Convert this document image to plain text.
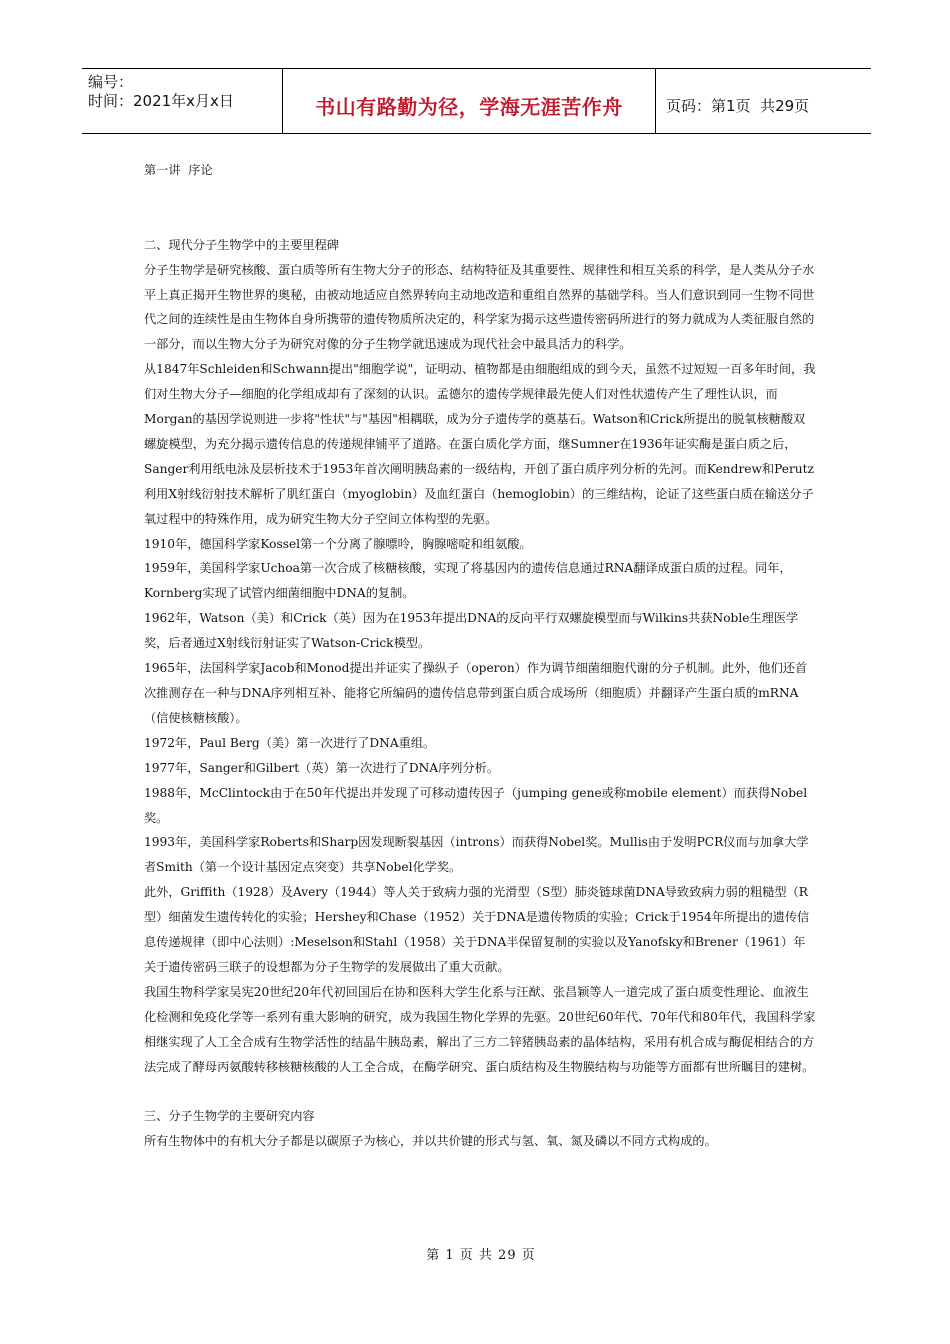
编号：
时间：2021年x月x日	书山有路勤为径，学海无涯苦作舟	页码：第1页  共29页

第一讲  序论

二、现代分子生物学中的主要里程碑

分子生物学是研究核酸、蛋白质等所有生物大分子的形态、结构特征及其重要性、规律性和相互关系的科学，是人类从分子水平上真正揭开生物世界的奥秘，由被动地适应自然界转向主动地改造和重组自然界的基础学科。当人们意识到同一生物不同世代之间的连续性是由生物体自身所携带的遗传物质所决定的，科学家为揭示这些遗传密码所进行的努力就成为人类征服自然的一部分，而以生物大分子为研究对像的分子生物学就迅速成为现代社会中最具活力的科学。

从1847年Schleiden和Schwann提出"细胞学说"，证明动、植物都是由细胞组成的到今天，虽然不过短短一百多年时间，我们对生物大分子—细胞的化学组成却有了深刻的认识。孟德尔的遗传学规律最先使人们对性状遗传产生了理性认识，而Morgan的基因学说则进一步将"性状"与"基因"相耦联，成为分子遗传学的奠基石。Watson和Crick所提出的脱氧核糖酸双螺旋模型，为充分揭示遗传信息的传递规律铺平了道路。在蛋白质化学方面，继Sumner在1936年证实酶是蛋白质之后，Sanger利用纸电泳及层析技术于1953年首次阐明胰岛素的一级结构，开创了蛋白质序列分析的先河。而Kendrew和Perutz利用X射线衍射技术解析了肌红蛋白（myoglobin）及血红蛋白（hemoglobin）的三维结构，论证了这些蛋白质在输送分子氧过程中的特殊作用，成为研究生物大分子空间立体构型的先驱。

1910年，德国科学家Kossel第一个分离了腺嘌呤，胸腺嘧啶和组氨酸。

1959年，美国科学家Uchoa第一次合成了核糖核酸，实现了将基因内的遗传信息通过RNA翻译成蛋白质的过程。同年，Kornberg实现了试管内细菌细胞中DNA的复制。

1962年，Watson（美）和Crick（英）因为在1953年提出DNA的反向平行双螺旋模型而与Wilkins共获Noble生理医学奖，后者通过X射线衍射证实了Watson-Crick模型。

1965年，法国科学家Jacob和Monod提出并证实了操纵子（operon）作为调节细菌细胞代谢的分子机制。此外，他们还首次推测存在一种与DNA序列相互补、能将它所编码的遗传信息带到蛋白质合成场所（细胞质）并翻译产生蛋白质的mRNA（信使核糖核酸）。

1972年，Paul Berg（美）第一次进行了DNA重组。

1977年，Sanger和Gilbert（英）第一次进行了DNA序列分析。

1988年，McClintock由于在50年代提出并发现了可移动遗传因子（jumping gene或称mobile element）而获得Nobel奖。

1993年，美国科学家Roberts和Sharp因发现断裂基因（introns）而获得Nobel奖。Mullis由于发明PCR仪而与加拿大学者Smith（第一个设计基因定点突变）共享Nobel化学奖。

此外，Griffith（1928）及Avery（1944）等人关于致病力强的光滑型（S型）肺炎链球菌DNA导致致病力弱的粗糙型（R型）细菌发生遗传转化的实验；Hershey和Chase（1952）关于DNA是遗传物质的实验；Crick于1954年所提出的遗传信息传递规律（即中心法则）:Meselson和Stahl（1958）关于DNA半保留复制的实验以及Yanofsky和Brener（1961）年关于遗传密码三联子的设想都为分子生物学的发展做出了重大贡献。

我国生物科学家吴宪20世纪20年代初回国后在协和医科大学生化系与汪猷、张昌颖等人一道完成了蛋白质变性理论、血液生化检测和免疫化学等一系列有重大影响的研究，成为我国生物化学界的先驱。20世纪60年代、70年代和80年代，我国科学家相继实现了人工全合成有生物学活性的结晶牛胰岛素，解出了三方二锌猪胰岛素的晶体结构，采用有机合成与酶促相结合的方法完成了酵母丙氨酸转移核糖核酸的人工全合成，在酶学研究、蛋白质结构及生物膜结构与功能等方面都有世所瞩目的建树。

三、分子生物学的主要研究内容

所有生物体中的有机大分子都是以碳原子为核心，并以共价键的形式与氢、氧、氮及磷以不同方式构成的。

第 1 页 共 29 页
